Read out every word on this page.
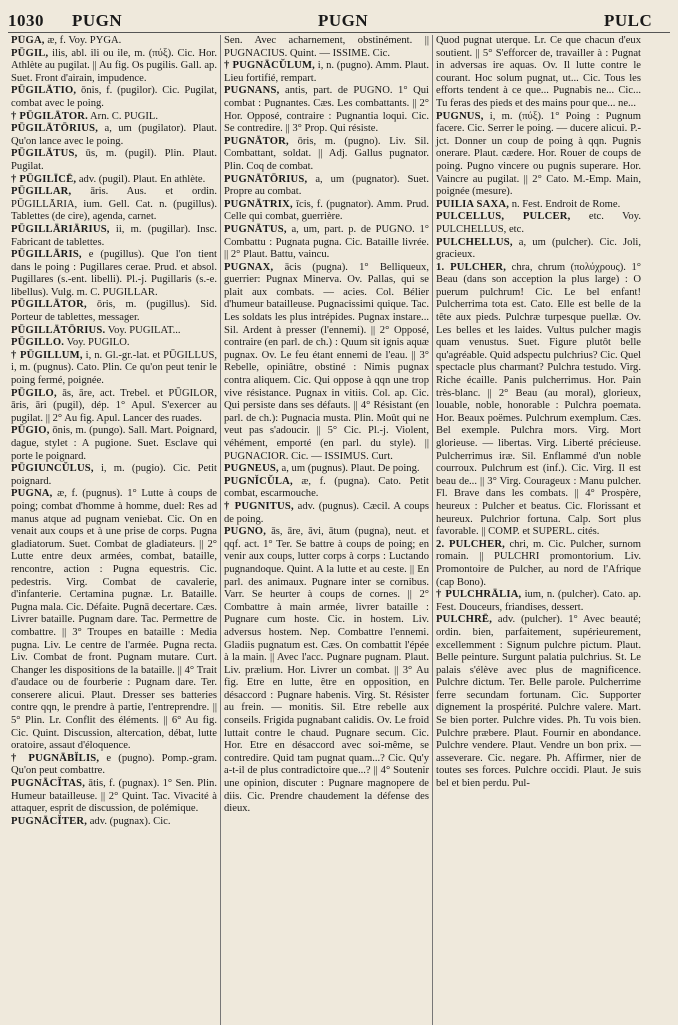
1030 PUGN	PUGN	PULC

PŪGA, æ, f. Voy. PYGA.

PŪGIL, ilis, abl. ili ou ile, m. (πύξ). Cic. Hor. Athlète au pugilat. || Au fig. Os pugilis. Gall. ap. Suet. Front d'airain, impudence.

PŪGILĀTIO, ōnis, f. (pugilor). Cic. Pugilat, combat avec le poing.

† PŪGILĀTOR. Arn. C. PUGIL.

PŪGILĀTŌRIUS, a, um (pugilator). Plaut. Qu'on lance avec le poing.

PŪGILĀTUS, ūs, m. (pugil). Plin. Plaut. Pugilat.

† PŪGILĪCĒ, adv. (pugil). Plaut. En athlète.

PŪGILLAR, āris. Aus. et ordin. PŪGILLĀRIA, ium. Gell. Cat. n. (pugillus). Tablettes (de cire), agenda, carnet.

PŪGILLĀRIĀRIUS, ii, m. (pugillar). Insc. Fabricant de tablettes.

PŪGILLĀRIS, e (pugillus). Que l'on tient dans le poing : Pugillares cerae. Prud. et absol. Pugillares (s.-ent. libelli). Pl.-j. Pugillaris (s.-e. libellus). Vulg. m. C. PUGILLAR.

PŪGILLĀTOR, ōris, m. (pugillus). Sid. Porteur de tablettes, messager.

PŪGILLĀTŌRIUS. Voy. PUGILAT...

PŪGILLO. Voy. PUGILO.

† PŪGILLUM, i, n. Gl.-gr.-lat. et PŪGILLUS, i, m. (pugnus). Cato. Plin. Ce qu'on peut tenir le poing fermé, poignée.

PŪGILO, ās, āre, act. Trebel. et PŪGILOR, āris, āri (pugil), dép. 1° Apul. S'exercer au pugilat. || 2° Au fig. Apul. Lancer des ruades.

PŪGIO, ōnis, m. (pungo). Sall. Mart. Poignard, dague, stylet : A pugione. Suet. Esclave qui porte le poignard.

PŪGIUNCŬLUS, i, m. (pugio). Cic. Petit poignard.

PUGNA, æ, f. (pugnus). 1° Lutte à coups de poing; combat d'homme à homme, duel: Res ad manus atque ad pugnam veniebat. Cic. On en venait aux coups et à une prise de corps. Pugna gladiatorum. Suet. Combat de gladiateurs. || 2° Lutte entre deux armées, combat, bataille, rencontre, action : Pugna equestris. Cic. pedestris. Virg. Combat de cavalerie, d'infanterie. Certamina pugnæ. Lr. Bataille. Pugna mala. Cic. Défaite. Pugnā decertare. Cæs. Livrer bataille. Pugnam dare. Tac. Permettre de combattre. || 3° Troupes en bataille : Media pugna. Liv. Le centre de l'armée. Pugna recta. Liv. Combat de front. Pugnam mutare. Curt. Changer les dispositions de la bataille. || 4° Trait d'audace ou de fourberie : Pugnam dare. Ter. conserere alicui. Plaut. Dresser ses batteries contre qqn, le prendre à partie, l'entreprendre. || 5° Plin. Lr. Conflit des éléments. || 6° Au fig. Cic. Quint. Discussion, altercation, débat, lutte oratoire, assaut d'éloquence.

† PUGNĀBĬLIS, e (pugno). Pomp.-gram. Qu'on peut combattre.

PUGNĀCĬTAS, ātis, f. (pugnax). 1° Sen. Plin. Humeur batailleuse. || 2° Quint. Tac. Vivacité à attaquer, esprit de discussion, de polémique.

PUGNĀCĬTER, adv. (pugnax). Cic.

Sen. Avec acharnement, obstinément. || PUGNACIUS. Quint. — ISSIME. Cic.

† PUGNĀCŬLUM, i, n. (pugno). Amm. Plaut. Lieu fortifié, rempart.

PUGNANS, antis, part. de PUGNO. 1° Qui combat : Pugnantes. Cæs. Les combattants. || 2° Hor. Opposé, contraire : Pugnantia loqui. Cic. Se contredire. || 3° Prop. Qui résiste.

PUGNĀTOR, ōris, m. (pugno). Liv. Sil. Combattant, soldat. || Adj. Gallus pugnator. Plin. Coq de combat.

PUGNĀTŌRIUS, a, um (pugnator). Suet. Propre au combat.

PUGNĀTRIX, īcis, f. (pugnator). Amm. Prud. Celle qui combat, guerrière.

PUGNĀTUS, a, um, part. p. de PUGNO. 1° Combattu : Pugnata pugna. Cic. Bataille livrée. || 2° Plaut. Battu, vaincu.

PUGNAX, ācis (pugna). 1° Belliqueux, guerrier: Pugnax Minerva. Ov. Pallas, qui se plait aux combats. — acies. Col. Bélier d'humeur batailleuse. Pugnacissimi quique. Tac. Les soldats les plus intrépides. Pugnax instare... Sil. Ardent à presser (l'ennemi). || 2° Opposé, contraire (en parl. de ch.) : Quum sit ignis aquæ pugnax. Ov. Le feu étant ennemi de l'eau. || 3° Rebelle, opiniâtre, obstiné : Nimis pugnax contra aliquem. Cic. Qui oppose à qqn une trop vive résistance. Pugnax in vitiis. Col. ap. Cic. Qui persiste dans ses défauts. || 4° Résistant (en parl. de ch.): Pugnacia musta. Plin. Moût qui ne veut pas s'adoucir. || 5° Cic. Pl.-j. Violent, véhément, emporté (en parl. du style). || PUGNACIOR. Cic. — ISSIMUS. Curt.

PUGNEUS, a, um (pugnus). Plaut. De poing.

PUGNĬCŬLA, æ, f. (pugna). Cato. Petit combat, escarmouche.

† PUGNITUS, adv. (pugnus). Cæcil. A coups de poing.

PUGNO, ās, āre, āvi, ātum (pugna), neut. et qqf. act. 1° Ter. Se battre à coups de poing; en venir aux coups, lutter corps à corps : Luctando pugnandoque. Quint. A la lutte et au ceste. || En parl. des animaux. Pugnare inter se cornibus. Varr. Se heurter à coups de cornes. || 2° Combattre à main armée, livrer bataille : Pugnare cum hoste. Cic. in hostem. Liv. adversus hostem. Nep. Combattre l'ennemi. Gladiis pugnatum est. Cæs. On combattit l'épée à la main. || Avec l'acc. Pugnare pugnam. Plaut. Liv. prælium. Hor. Livrer un combat. || 3° Au fig. Etre en lutte, être en opposition, en désaccord : Pugnare habenis. Virg. St. Résister au frein. — monitis. Sil. Etre rebelle aux conseils. Frigida pugnabant calidis. Ov. Le froid luttait contre le chaud. Pugnare secum. Cic. Hor. Etre en désaccord avec soi-même, se contredire. Quid tam pugnat quam...? Cic. Qu'y a-t-il de plus contradictoire que...? || 4° Soutenir une opinion, discuter : Pugnare magnopere de diis. Cic. Prendre chaudement la défense des dieux.

Quod pugnat uterque. Lr. Ce que chacun d'eux soutient. || 5° S'efforcer de, travailler à : Pugnat in adversas ire aquas. Ov. Il lutte contre le courant. Hoc solum pugnat, ut... Cic. Tous les efforts tendent à ce que... Pugnabis ne... Cic... Tu feras des pieds et des mains pour que... ne...

PUGNUS, i, m. (πύξ). 1° Poing : Pugnum facere. Cic. Serrer le poing. — ducere alicui. P.-jct. Donner un coup de poing à qqn. Pugnis onerare. Plaut. cædere. Hor. Rouer de coups de poing. Pugno vincere ou pugnis superare. Hor. Vaincre au pugilat. || 2° Cato. M.-Emp. Main, poignée (mesure).

PUILIA SAXA, n. Fest. Endroit de Rome.

PULCELLUS, PULCER, etc. Voy. PULCHELLUS, etc.

PULCHELLUS, a, um (pulcher). Cic. Joli, gracieux.

1. PULCHER, chra, chrum (πολύχρους). 1° Beau (dans son acception la plus large) : O puerum pulchrum! Cic. Le bel enfant! Pulcherrima tota est. Cato. Elle est belle de la tête aux pieds. Pulchræ turpesque puellæ. Ov. Les belles et les laides. Vultus pulcher magis quam venustus. Suet. Figure plutôt belle qu'agréable. Quid adspectu pulchrius? Cic. Quel spectacle plus charmant? Pulchra testudo. Virg. Riche écaille. Panis pulcherrimus. Hor. Pain très-blanc. || 2° Beau (au moral), glorieux, louable, noble, honorable : Pulchra poemata. Hor. Beaux poëmes. Pulchrum exemplum. Cæs. Bel exemple. Pulchra mors. Virg. Mort glorieuse. — libertas. Virg. Liberté précieuse. Pulcherrimus iræ. Sil. Enflammé d'un noble courroux. Pulchrum est (inf.). Cic. Virg. Il est beau de... || 3° Virg. Courageux : Manu pulcher. Fl. Brave dans les combats. || 4° Prospère, heureux : Pulcher et beatus. Cic. Florissant et heureux. Pulchrior fortuna. Calp. Sort plus favorable. || COMP. et SUPERL. cités.

2. PULCHER, chri, m. Cic. Pulcher, surnom romain. || PULCHRI promontorium. Liv. Promontoire de Pulcher, au nord de l'Afrique (cap Bono).

† PULCHRĀLIA, ium, n. (pulcher). Cato. ap. Fest. Douceurs, friandises, dessert.

PULCHRĒ, adv. (pulcher). 1° Avec beauté; ordin. bien, parfaitement, supérieurement, excellemment : Signum pulchre pictum. Plaut. Belle peinture. Surgunt palatia pulchrius. St. Le palais s'élève avec plus de magnificence. Pulchre dictum. Ter. Belle parole. Pulcherrime ferre secundam fortunam. Cic. Supporter dignement la prospérité. Pulchre valere. Mart. Se bien porter. Pulchre vides. Ph. Tu vois bien. Pulchre præbere. Plaut. Fournir en abondance. Pulchre vendere. Plaut. Vendre un bon prix. — asseverare. Cic. negare. Ph. Affirmer, nier de toutes ses forces. Pulchre occidi. Plaut. Je suis bel et bien perdu. Pul-
